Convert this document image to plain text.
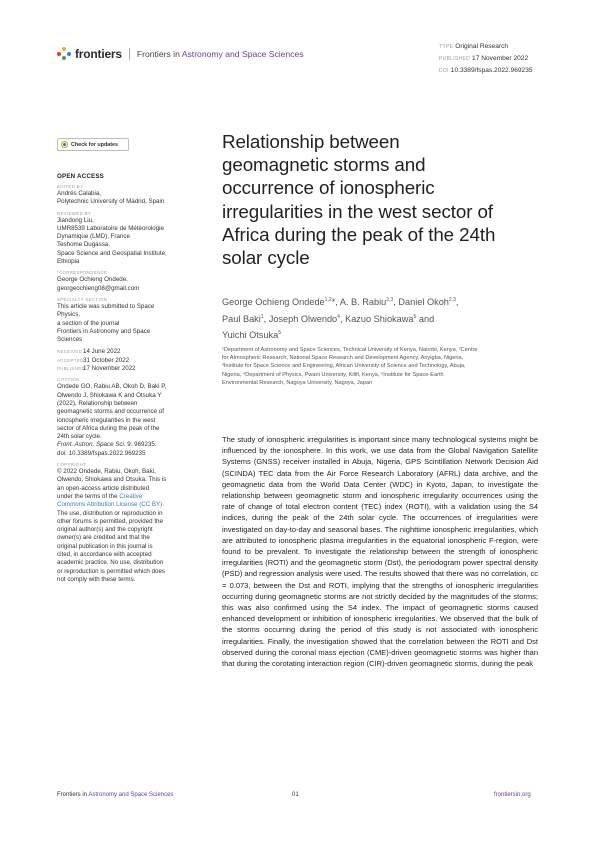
frontiers Frontiers in Astronomy and Space Sciences
TYPE Original Research
PUBLISHED 17 November 2022
DOI 10.3389/fspas.2022.969235
Check for updates
OPEN ACCESS
EDITED BY
Andrés Calabia,
Polytechnic University of Madrid, Spain
REVIEWED BY
Jiandong Liu,
UMR8539 Laboratoire de Météorologie
Dynamique (LMD), France
Teshome Dugassa,
Space Science and Geospatial Institute,
Ethiopia
*CORRESPONDENCE
George Ochieng Ondede,
georgeochieng08@gmail.com
SPECIALTY SECTION
This article was submitted to Space
Physics,
a section of the journal
Frontiers in Astronomy and Space
Sciences
RECEIVED 14 June 2022
ACCEPTED 31 October 2022
PUBLISHED
17 November 2022
CITATION
Ondede GO, Rabiu AB, Okoh D, Baki P,
Olwendo J, Shiokawa K and Otsuka Y
(2022), Relationship between
geomagnetic storms and occurrence of
ionospheric irregularities in the west
sector of Africa during the peak of the
24th solar cycle.
Front. Astron. Space Sci. 9: 969235.
doi: 10.3389/fspas.2022.969235
COPYRIGHT
© 2022 Ondede, Rabiu, Okoh, Baki,
Olwendo, Shiokawa and Otsuka. This is
an open-access article distributed
under the terms of the Creative
Commons Attribution License (CC BY).
The use, distribution or reproduction in
other forums is permitted, provided the
original author(s) and the copyright
owner(s) are credited and that the
original publication in this journal is
cited, in accordance with accepted
academic practice. No use, distribution
or reproduction is permitted which does
not comply with these terms.
Relationship between
geomagnetic storms and
occurrence of ionospheric
irregularities in the west sector of
Africa during the peak of the 24th
solar cycle
George Ochieng Ondede$^{1,2}$*, A. B. Rabiu$^{2,3}$, Daniel Okoh$^{2,3}$,
Paul Baki$^1$, Joseph Olwendo$^4$, Kazuo Shiokawa$^5$ and
Yuichi Otsuka$^5$
¹Department of Astronomy and Space Sciences, Technical University of Kenya, Nairobi, Kenya, ²Centre
for Atmospheric Research, National Space Research and Development Agency, Anyigba, Nigeria,
³Institute for Space Science and Engineering, African University of Science and Technology, Abuja,
Nigeria, ⁴Department of Physics, Pwani University, Kilifi, Kenya, ⁵Institute for Space-Earth
Environmental Research, Nagoya University, Nagoya, Japan
The study of ionospheric irregularities is important since many technological systems might be influenced by the ionosphere. In this work, we use data from the Global Navigation Satellite Systems (GNSS) receiver installed in Abuja, Nigeria, GPS Scintillation Network Decision Aid (SCINDA) TEC data from the Air Force Research Laboratory (AFRL) data archive, and the geomagnetic data from the World Data Center (WDC) in Kyoto, Japan, to investigate the relationship between geomagnetic storm and ionospheric irregularity occurrences using the rate of change of total electron content (TEC) index (ROTI), with a validation using the S4 indices, during the peak of the 24th solar cycle. The occurrences of irregularities were investigated on day-to-day and seasonal bases. The nighttime ionospheric irregularities, which are attributed to ionospheric plasma irregularities in the equatorial ionospheric F-region, were found to be prevalent. To investigate the relationship between the strength of ionospheric irregularities (ROTI) and the geomagnetic storm (Dst), the periodogram power spectral density (PSD) and regression analysis were used. The results showed that there was no correlation, cc = 0.073, between the Dst and ROTI, implying that the strengths of ionospheric irregularities occurring during geomagnetic storms are not strictly decided by the magnitudes of the storms; this was also confirmed using the S4 index. The impact of geomagnetic storms caused enhanced development or inhibition of ionospheric irregularities. We observed that the bulk of the storms occurring during the period of this study is not associated with ionospheric irregularities. Finally, the investigation showed that the correlation between the ROTI and Dst observed during the coronal mass ejection (CME)-driven geomagnetic storms was higher than that during the corotating interaction region (CIR)-driven geomagnetic storms, during the peak
Frontiers in Astronomy and Space Sciences	01	frontiersin.org
